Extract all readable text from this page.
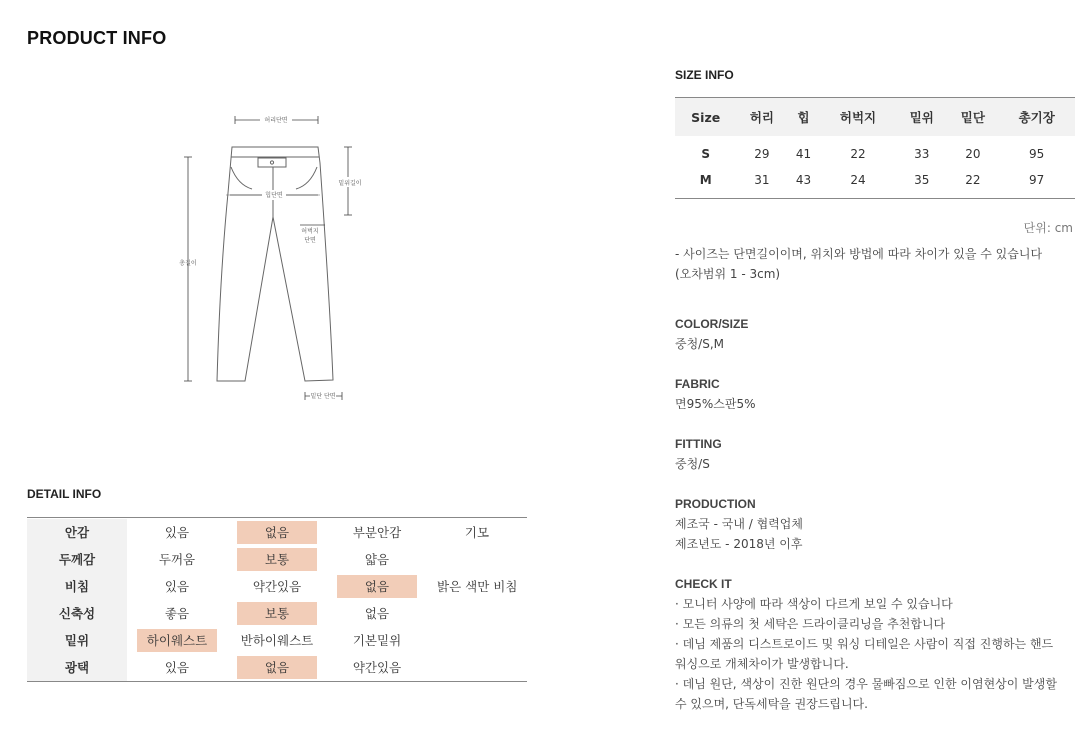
PRODUCT INFO
허리단면
힙단면
밑위길이
허벅지
단면
총길이
밑단 단면
DETAIL INFO
안감	있음	없음	부분안감	기모
두께감	두꺼움	보통	얇음
비침	있음	약간있음	없음	밝은 색만 비침
신축성	좋음	보통	없음
밑위	하이웨스트	반하이웨스트	기본밑위
광택	있음	없음	약간있음
SIZE INFO
Size	허리	힙	허벅지	밑위	밑단	총기장
S	29	41	22	33	20	95
M	31	43	24	35	22	97
단위: cm
- 사이즈는 단면길이이며, 위치와 방법에 따라 차이가 있을 수 있습니다
(오차범위 1 - 3cm)
COLOR/SIZE
중청/S,M
FABRIC
면95%스판5%
FITTING
중청/S
PRODUCTION
제조국 - 국내 / 협력업체
제조년도 - 2018년 이후
CHECK IT
· 모니터 사양에 따라 색상이 다르게 보일 수 있습니다
· 모든 의류의 첫 세탁은 드라이클리닝을 추천합니다
· 데님 제품의 디스트로이드 및 워싱 디테일은 사람이 직접 진행하는 핸드
워싱으로 개체차이가 발생합니다.
· 데님 원단, 색상이 진한 원단의 경우 물빠짐으로 인한 이염현상이 발생할
수 있으며, 단독세탁을 권장드립니다.
